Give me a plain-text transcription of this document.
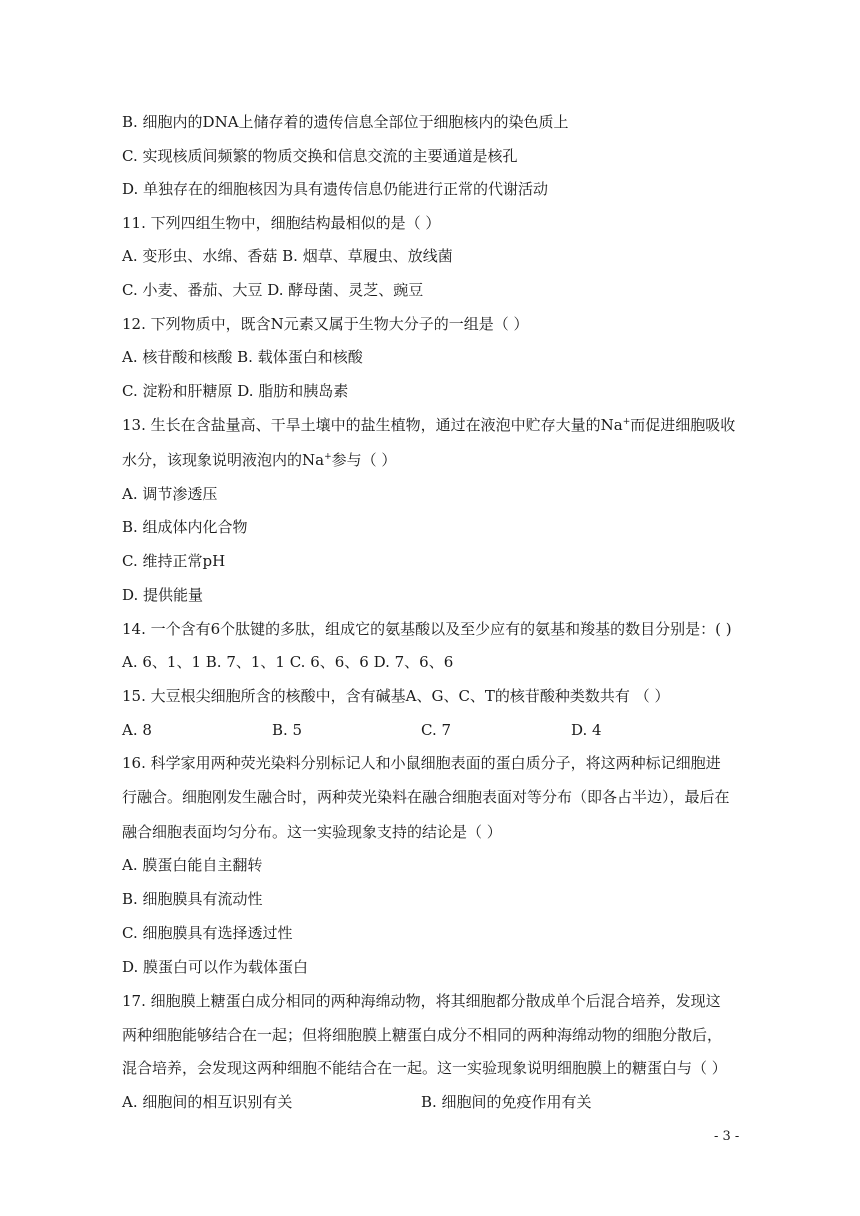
B. 细胞内的DNA上储存着的遗传信息全部位于细胞核内的染色质上
C. 实现核质间频繁的物质交换和信息交流的主要通道是核孔
D. 单独存在的细胞核因为具有遗传信息仍能进行正常的代谢活动
11. 下列四组生物中，细胞结构最相似的是（ ）
A. 变形虫、水绵、香菇 B. 烟草、草履虫、放线菌
C. 小麦、番茄、大豆 D. 酵母菌、灵芝、豌豆
12. 下列物质中，既含N元素又属于生物大分子的一组是（ ）
A. 核苷酸和核酸 B. 载体蛋白和核酸
C. 淀粉和肝糖原 D. 脂肪和胰岛素
13. 生长在含盐量高、干旱土壤中的盐生植物，通过在液泡中贮存大量的Na+而促进细胞吸收
水分，该现象说明液泡内的Na+参与（ ）
A. 调节渗透压
B. 组成体内化合物
C. 维持正常pH
D. 提供能量
14. 一个含有6个肽键的多肽，组成它的氨基酸以及至少应有的氨基和羧基的数目分别是：( )
A. 6、1、1 B. 7、1、1 C. 6、6、6 D. 7、6、6
15. 大豆根尖细胞所含的核酸中，含有碱基A、G、C、T的核苷酸种类数共有 （ ）
A. 8	B. 5	C. 7	D. 4
16. 科学家用两种荧光染料分别标记人和小鼠细胞表面的蛋白质分子，将这两种标记细胞进
行融合。细胞刚发生融合时，两种荧光染料在融合细胞表面对等分布（即各占半边），最后在
融合细胞表面均匀分布。这一实验现象支持的结论是（ ）
A. 膜蛋白能自主翻转
B. 细胞膜具有流动性
C. 细胞膜具有选择透过性
D. 膜蛋白可以作为载体蛋白
17. 细胞膜上糖蛋白成分相同的两种海绵动物，将其细胞都分散成单个后混合培养，发现这
两种细胞能够结合在一起；但将细胞膜上糖蛋白成分不相同的两种海绵动物的细胞分散后，
混合培养，会发现这两种细胞不能结合在一起。这一实验现象说明细胞膜上的糖蛋白与（ ）
A. 细胞间的相互识别有关	B. 细胞间的免疫作用有关
- 3 -
